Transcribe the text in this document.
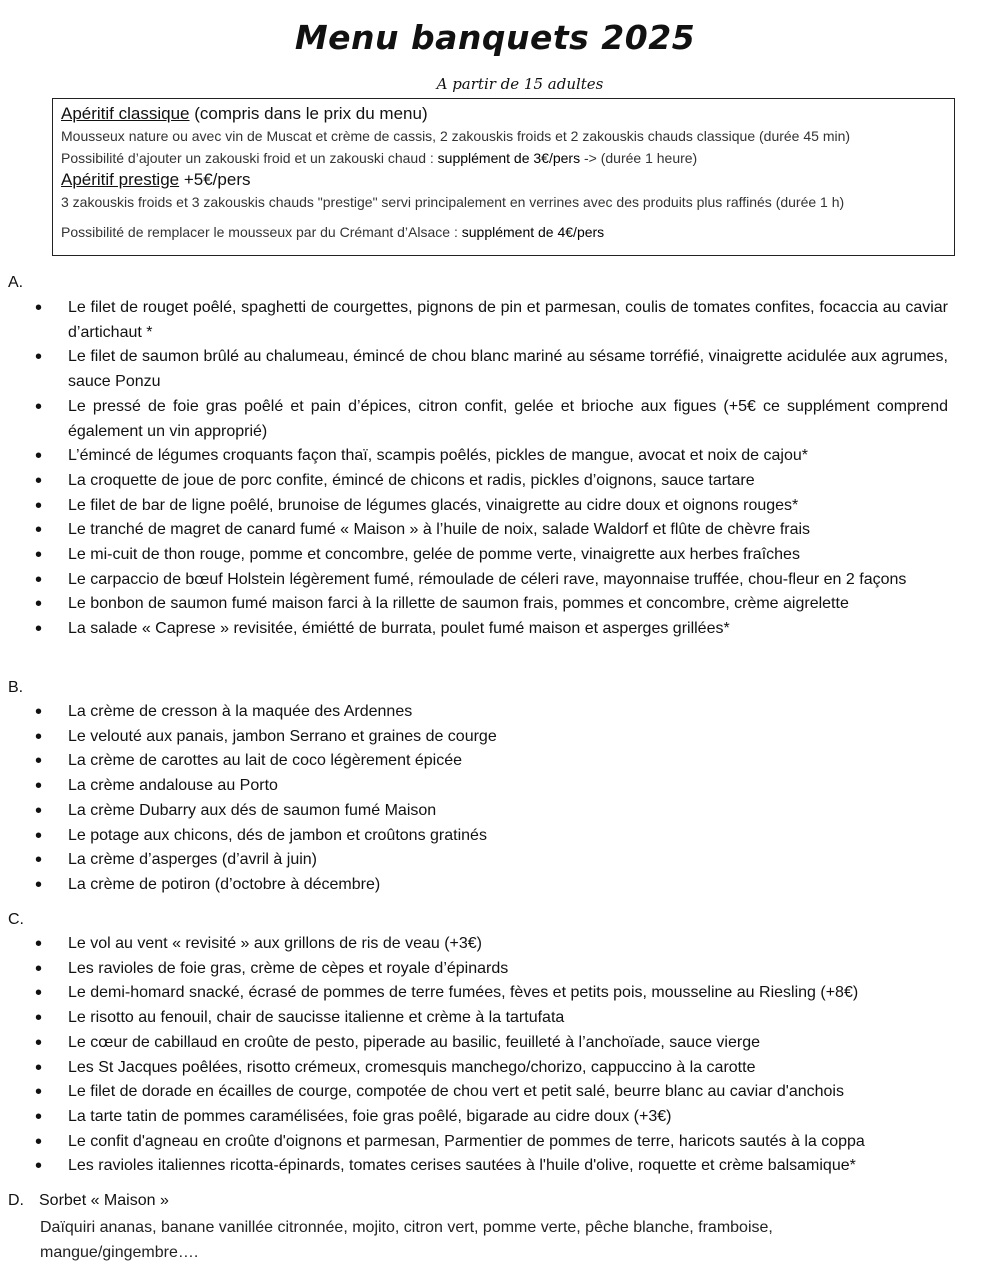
Menu banquets 2025
A partir de 15 adultes
Apéritif classique (compris dans le prix du menu)
Mousseux nature ou avec vin de Muscat et crème de cassis, 2 zakouskis froids et 2 zakouskis chauds classique (durée 45 min)
Possibilité d’ajouter un zakouski froid et un zakouski chaud : supplément de 3€/pers -> (durée 1 heure)
Apéritif prestige +5€/pers
3 zakouskis froids et 3 zakouskis chauds "prestige" servi principalement en verrines avec des produits plus raffinés (durée 1 h)
Possibilité de remplacer le mousseux par du Crémant d’Alsace : supplément de 4€/pers
A.
• Le filet de rouget poêlé, spaghetti de courgettes, pignons de pin et parmesan, coulis de tomates confites, focaccia au caviar d’artichaut *
• Le filet de saumon brûlé au chalumeau, émincé de chou blanc mariné au sésame torréfié, vinaigrette acidulée aux agrumes, sauce Ponzu
• Le pressé de foie gras poêlé et pain d’épices, citron confit, gelée et brioche aux figues (+5€ ce supplément comprend également un vin approprié)
• L’émincé de légumes croquants façon thaï, scampis poêlés, pickles de mangue, avocat et noix de cajou*
• La croquette de joue de porc confite, émincé de chicons et radis, pickles d’oignons, sauce tartare
• Le filet de bar de ligne poêlé, brunoise de légumes glacés, vinaigrette au cidre doux et oignons rouges*
• Le tranché de magret de canard fumé « Maison » à l’huile de noix, salade Waldorf et flûte de chèvre frais
• Le mi-cuit de thon rouge, pomme et concombre, gelée de pomme verte, vinaigrette aux herbes fraîches
• Le carpaccio de bœuf Holstein légèrement fumé, rémoulade de céleri rave, mayonnaise truffée, chou-fleur en 2 façons
• Le bonbon de saumon fumé maison farci à la rillette de saumon frais, pommes et concombre, crème aigrelette
• La salade « Caprese » revisitée, émiétté de burrata, poulet fumé maison et asperges grillées*
B.
• La crème de cresson à la maquée des Ardennes
• Le velouté aux panais, jambon Serrano et graines de courge
• La crème de carottes au lait de coco légèrement épicée
• La crème andalouse au Porto
• La crème Dubarry aux dés de saumon fumé Maison
• Le potage aux chicons, dés de jambon et croûtons gratinés
• La crème d’asperges (d’avril à juin)
• La crème de potiron (d’octobre à décembre)
C.
• Le vol au vent « revisité » aux grillons de ris de veau (+3€)
• Les ravioles de foie gras, crème de cèpes et royale d’épinards
• Le demi-homard snacké, écrasé de pommes de terre fumées, fèves et petits pois, mousseline au Riesling (+8€)
• Le risotto au fenouil, chair de saucisse italienne et crème à la tartufata
• Le cœur de cabillaud en croûte de pesto, piperade au basilic, feuilleté à l’anchoïade, sauce vierge
• Les St Jacques poêlées, risotto crémeux, cromesquis manchego/chorizo, cappuccino à la carotte
• Le filet de dorade en écailles de courge, compotée de chou vert et petit salé, beurre blanc au caviar d'anchois
• La tarte tatin de pommes caramélisées, foie gras poêlé, bigarade au cidre doux (+3€)
• Le confit d'agneau en croûte d'oignons et parmesan, Parmentier de pommes de terre, haricots sautés à la coppa
• Les ravioles italiennes ricotta-épinards, tomates cerises sautées à l'huile d'olive, roquette et crème balsamique*
D. Sorbet « Maison »
Daïquiri ananas, banane vanillée citronnée, mojito, citron vert, pomme verte, pêche blanche, framboise, mangue/gingembre….
